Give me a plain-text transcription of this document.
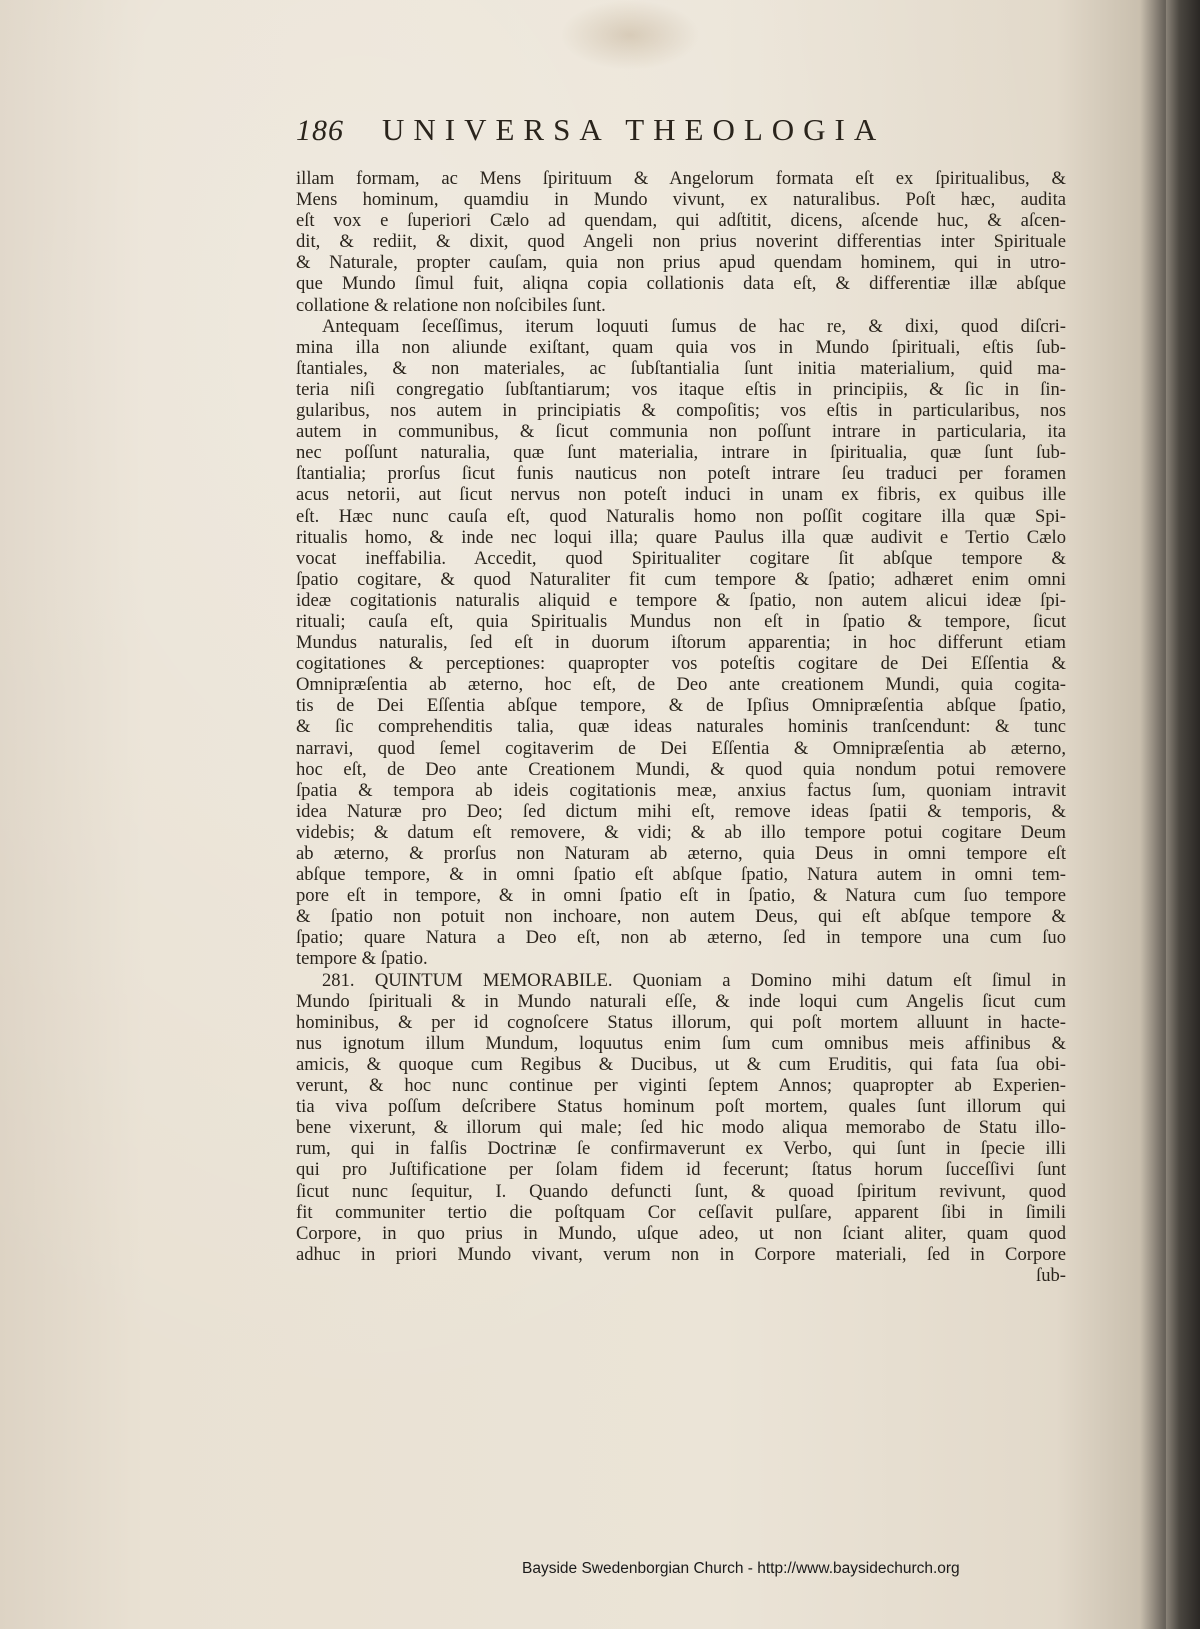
186 UNIVERSA THEOLOGIA
illam formam, ac Mens ſpirituum & Angelorum formata eſt ex ſpiritualibus, &
Mens hominum, quamdiu in Mundo vivunt, ex naturalibus. Poſt hæc, audita
eſt vox e ſuperiori Cælo ad quendam, qui adſtitit, dicens, aſcende huc, & aſcen-
dit, & rediit, & dixit, quod Angeli non prius noverint differentias inter Spirituale
& Naturale, propter cauſam, quia non prius apud quendam hominem, qui in utro-
que Mundo ſimul fuit, aliqna copia collationis data eſt, & differentiæ illæ abſque
collatione & relatione non noſcibiles ſunt.
Antequam ſeceſſimus, iterum loquuti ſumus de hac re, & dixi, quod diſcri-
mina illa non aliunde exiſtant, quam quia vos in Mundo ſpirituali, eſtis ſub-
ſtantiales, & non materiales, ac ſubſtantialia ſunt initia materialium, quid ma-
teria niſi congregatio ſubſtantiarum; vos itaque eſtis in principiis, & ſic in ſin-
gularibus, nos autem in principiatis & compoſitis; vos eſtis in particularibus, nos
autem in communibus, & ſicut communia non poſſunt intrare in particularia, ita
nec poſſunt naturalia, quæ ſunt materialia, intrare in ſpiritualia, quæ ſunt ſub-
ſtantialia; prorſus ſicut funis nauticus non poteſt intrare ſeu traduci per foramen
acus netorii, aut ſicut nervus non poteſt induci in unam ex fibris, ex quibus ille
eſt. Hæc nunc cauſa eſt, quod Naturalis homo non poſſit cogitare illa quæ Spi-
ritualis homo, & inde nec loqui illa; quare Paulus illa quæ audivit e Tertio Cælo
vocat ineffabilia. Accedit, quod Spiritualiter cogitare ſit abſque tempore &
ſpatio cogitare, & quod Naturaliter fit cum tempore & ſpatio; adhæret enim omni
ideæ cogitationis naturalis aliquid e tempore & ſpatio, non autem alicui ideæ ſpi-
rituali; cauſa eſt, quia Spiritualis Mundus non eſt in ſpatio & tempore, ſicut
Mundus naturalis, ſed eſt in duorum iſtorum apparentia; in hoc differunt etiam
cogitationes & perceptiones: quapropter vos poteſtis cogitare de Dei Eſſentia &
Omnipræſentia ab æterno, hoc eſt, de Deo ante creationem Mundi, quia cogita-
tis de Dei Eſſentia abſque tempore, & de Ipſius Omnipræſentia abſque ſpatio,
& ſic comprehenditis talia, quæ ideas naturales hominis tranſcendunt: & tunc
narravi, quod ſemel cogitaverim de Dei Eſſentia & Omnipræſentia ab æterno,
hoc eſt, de Deo ante Creationem Mundi, & quod quia nondum potui removere
ſpatia & tempora ab ideis cogitationis meæ, anxius factus ſum, quoniam intravit
idea Naturæ pro Deo; ſed dictum mihi eſt, remove ideas ſpatii & temporis, &
videbis; & datum eſt removere, & vidi; & ab illo tempore potui cogitare Deum
ab æterno, & prorſus non Naturam ab æterno, quia Deus in omni tempore eſt
abſque tempore, & in omni ſpatio eſt abſque ſpatio, Natura autem in omni tem-
pore eſt in tempore, & in omni ſpatio eſt in ſpatio, & Natura cum ſuo tempore
& ſpatio non potuit non inchoare, non autem Deus, qui eſt abſque tempore &
ſpatio; quare Natura a Deo eſt, non ab æterno, ſed in tempore una cum ſuo
tempore & ſpatio.
281. QUINTUM MEMORABILE. Quoniam a Domino mihi datum eſt ſimul in
Mundo ſpirituali & in Mundo naturali eſſe, & inde loqui cum Angelis ſicut cum
hominibus, & per id cognoſcere Status illorum, qui poſt mortem alluunt in hacte-
nus ignotum illum Mundum, loquutus enim ſum cum omnibus meis affinibus &
amicis, & quoque cum Regibus & Ducibus, ut & cum Eruditis, qui fata ſua obi-
verunt, & hoc nunc continue per viginti ſeptem Annos; quapropter ab Experien-
tia viva poſſum deſcribere Status hominum poſt mortem, quales ſunt illorum qui
bene vixerunt, & illorum qui male; ſed hic modo aliqua memorabo de Statu illo-
rum, qui in falſis Doctrinæ ſe confirmaverunt ex Verbo, qui ſunt in ſpecie illi
qui pro Juſtificatione per ſolam fidem id fecerunt; ſtatus horum ſucceſſivi ſunt
ſicut nunc ſequitur, I. Quando defuncti ſunt, & quoad ſpiritum revivunt, quod
fit communiter tertio die poſtquam Cor ceſſavit pulſare, apparent ſibi in ſimili
Corpore, in quo prius in Mundo, uſque adeo, ut non ſciant aliter, quam quod
adhuc in priori Mundo vivant, verum non in Corpore materiali, ſed in Corpore
ſub-
Bayside Swedenborgian Church - http://www.baysidechurch.org
